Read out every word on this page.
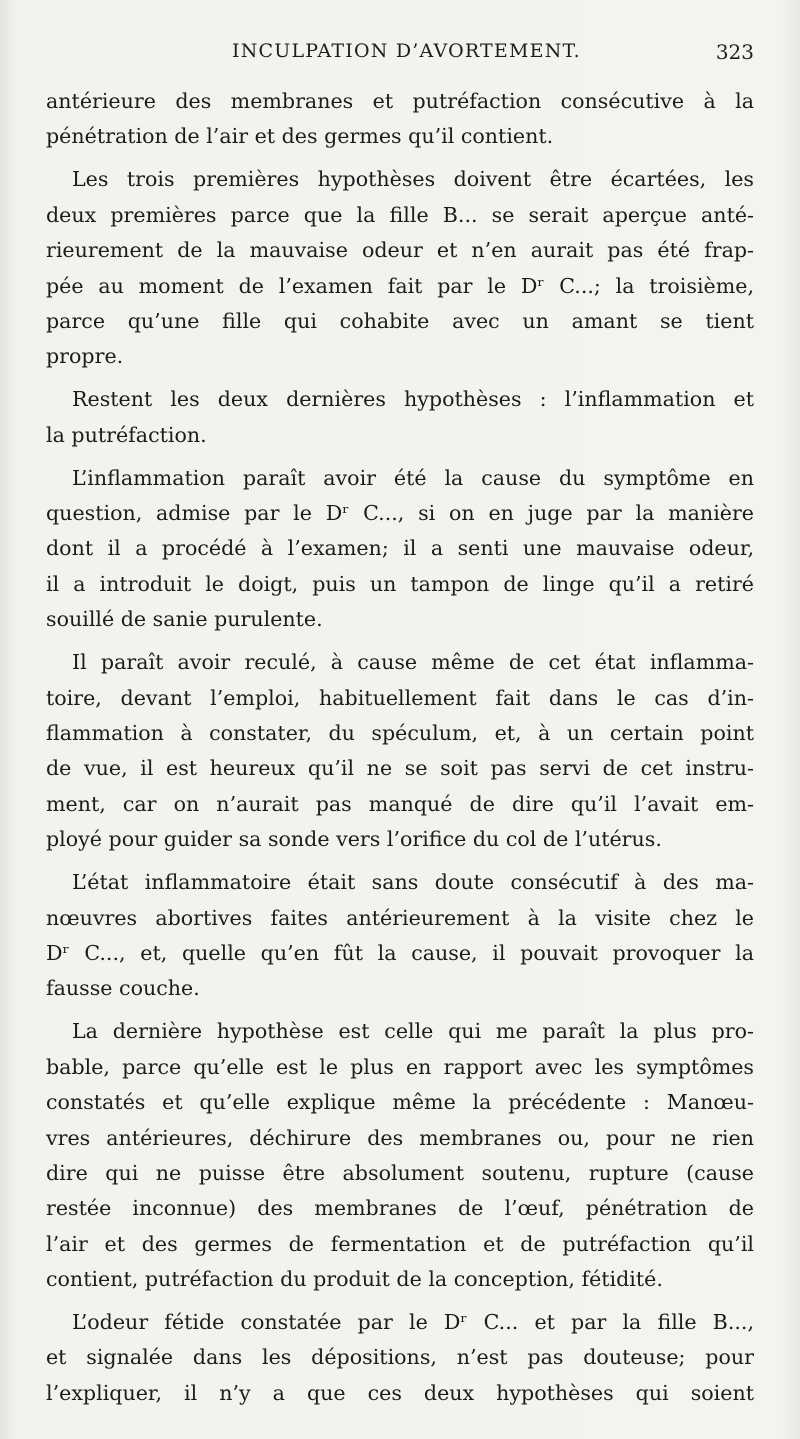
INCULPATION D’AVORTEMENT.	323
antérieure des membranes et putréfaction consécutive à la
pénétration de l’air et des germes qu’il contient.
Les trois premières hypothèses doivent être écartées, les
deux premières parce que la fille B... se serait aperçue anté-
rieurement de la mauvaise odeur et n’en aurait pas été frap-
pée au moment de l’examen fait par le Dʳ C...; la troisième,
parce qu’une fille qui cohabite avec un amant se tient
propre.
Restent les deux dernières hypothèses : l’inflammation et
la putréfaction.
L’inflammation paraît avoir été la cause du symptôme en
question, admise par le Dʳ C..., si on en juge par la manière
dont il a procédé à l’examen; il a senti une mauvaise odeur,
il a introduit le doigt, puis un tampon de linge qu’il a retiré
souillé de sanie purulente.
Il paraît avoir reculé, à cause même de cet état inflamma-
toire, devant l’emploi, habituellement fait dans le cas d’in-
flammation à constater, du spéculum, et, à un certain point
de vue, il est heureux qu’il ne se soit pas servi de cet instru-
ment, car on n’aurait pas manqué de dire qu’il l’avait em-
ployé pour guider sa sonde vers l’orifice du col de l’utérus.
L’état inflammatoire était sans doute consécutif à des ma-
nœuvres abortives faites antérieurement à la visite chez le
Dʳ C..., et, quelle qu’en fût la cause, il pouvait provoquer la
fausse couche.
La dernière hypothèse est celle qui me paraît la plus pro-
bable, parce qu’elle est le plus en rapport avec les symptômes
constatés et qu’elle explique même la précédente : Manœu-
vres antérieures, déchirure des membranes ou, pour ne rien
dire qui ne puisse être absolument soutenu, rupture (cause
restée inconnue) des membranes de l’œuf, pénétration de
l’air et des germes de fermentation et de putréfaction qu’il
contient, putréfaction du produit de la conception, fétidité.
L’odeur fétide constatée par le Dʳ C... et par la fille B...,
et signalée dans les dépositions, n’est pas douteuse; pour
l’expliquer, il n’y a que ces deux hypothèses qui soient
